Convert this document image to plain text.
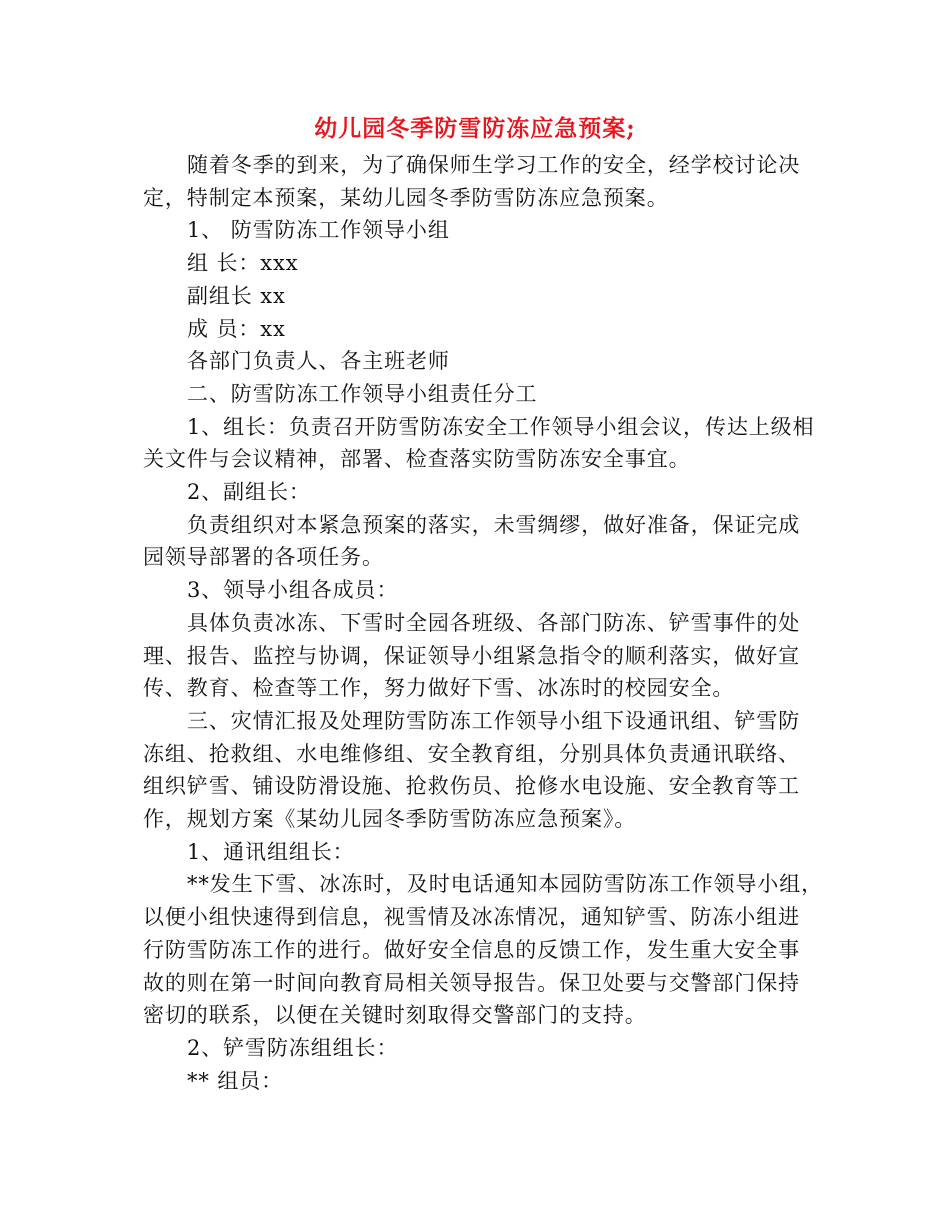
幼儿园冬季防雪防冻应急预案;

随着冬季的到来，为了确保师生学习工作的安全，经学校讨论决
定，特制定本预案，某幼儿园冬季防雪防冻应急预案。

1、 防雪防冻工作领导小组

组 长：xxx

副组长 xx

成 员：xx

各部门负责人、各主班老师

二、防雪防冻工作领导小组责任分工

1、组长：负责召开防雪防冻安全工作领导小组会议，传达上级相
关文件与会议精神，部署、检查落实防雪防冻安全事宜。

2、副组长：

负责组织对本紧急预案的落实，未雪绸缪，做好准备，保证完成
园领导部署的各项任务。

3、领导小组各成员：

具体负责冰冻、下雪时全园各班级、各部门防冻、铲雪事件的处
理、报告、监控与协调，保证领导小组紧急指令的顺利落实，做好宣
传、教育、检查等工作，努力做好下雪、冰冻时的校园安全。

三、灾情汇报及处理防雪防冻工作领导小组下设通讯组、铲雪防
冻组、抢救组、水电维修组、安全教育组，分别具体负责通讯联络、
组织铲雪、铺设防滑设施、抢救伤员、抢修水电设施、安全教育等工
作，规划方案《某幼儿园冬季防雪防冻应急预案》。

1、通讯组组长：

**发生下雪、冰冻时，及时电话通知本园防雪防冻工作领导小组，
以便小组快速得到信息，视雪情及冰冻情况，通知铲雪、防冻小组进
行防雪防冻工作的进行。做好安全信息的反馈工作，发生重大安全事
故的则在第一时间向教育局相关领导报告。保卫处要与交警部门保持
密切的联系，以便在关键时刻取得交警部门的支持。

2、铲雪防冻组组长：

** 组员：
